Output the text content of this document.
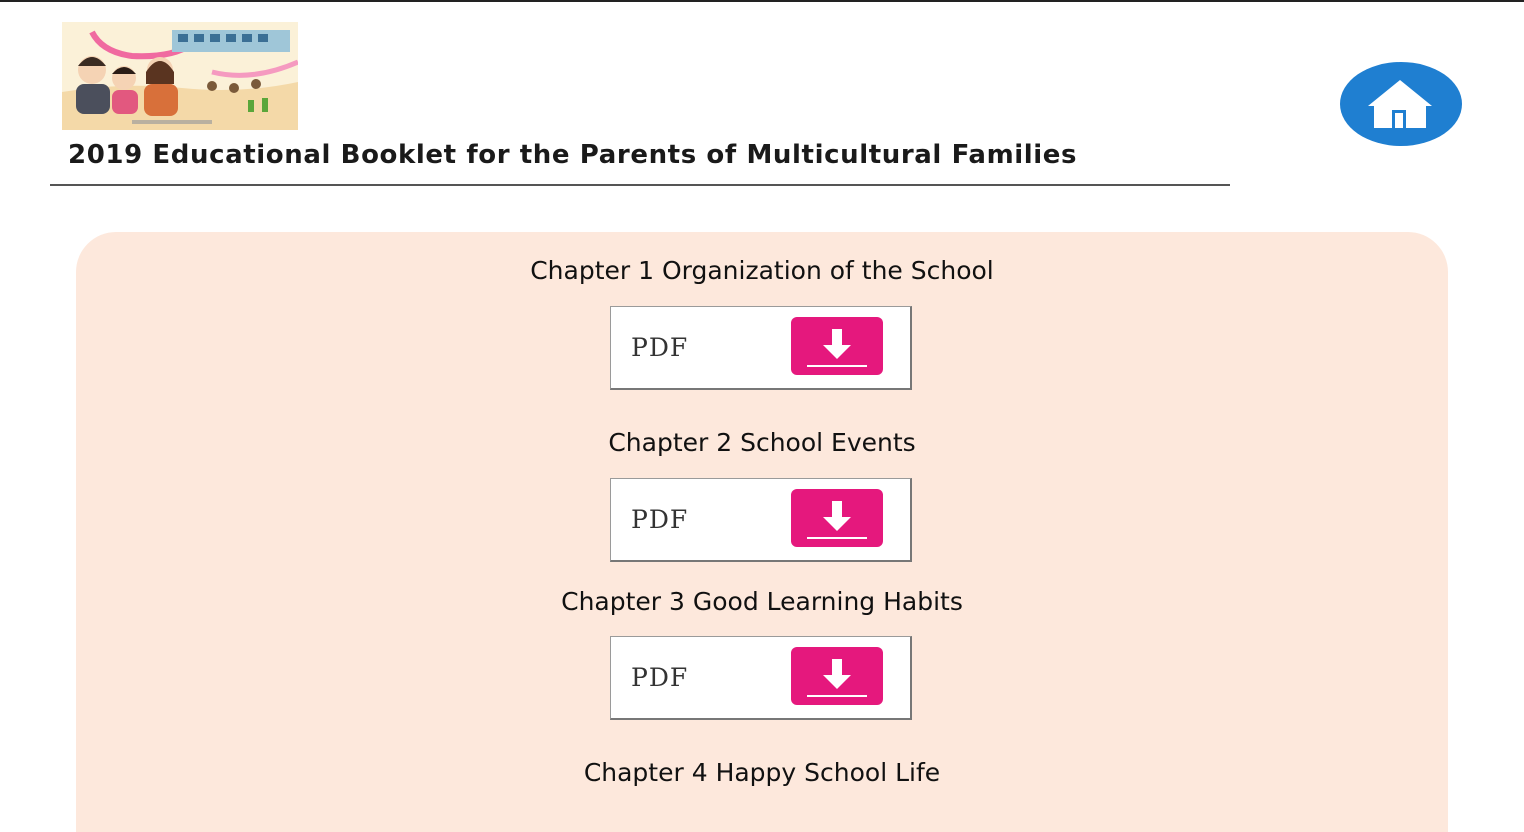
2019 Educational Booklet for the Parents of Multicultural Families
Chapter 1 Organization of the School
PDF
Chapter 2 School Events
PDF
Chapter 3 Good Learning Habits
PDF
Chapter 4 Happy School Life
